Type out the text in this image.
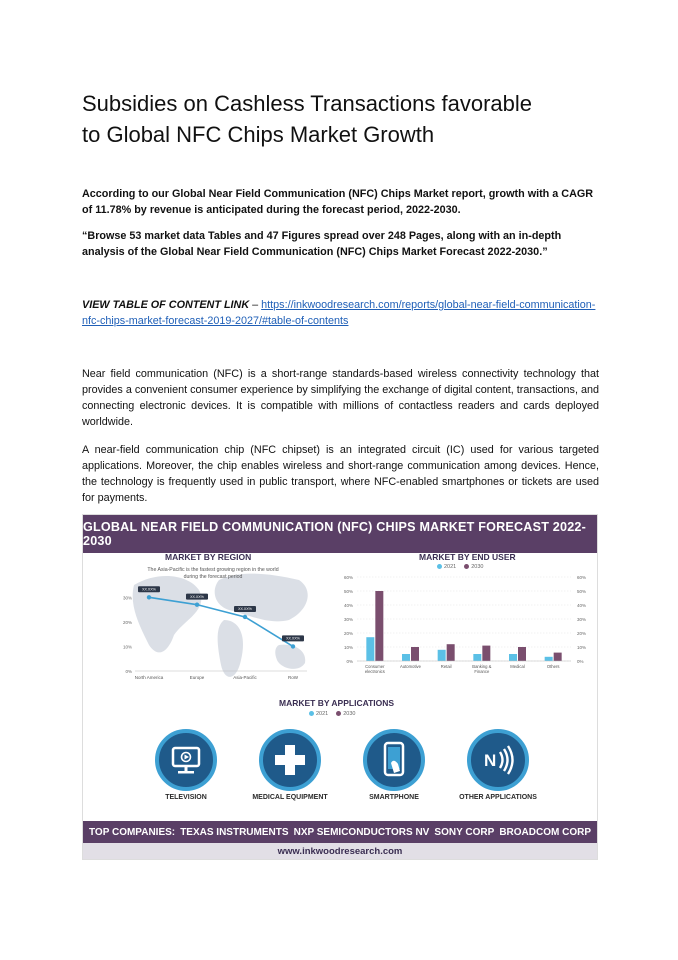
Subsidies on Cashless Transactions favorable
to Global NFC Chips Market Growth
According to our Global Near Field Communication (NFC) Chips Market report, growth with a CAGR of 11.78% by revenue is anticipated during the forecast period, 2022-2030.
“Browse 53 market data Tables and 47 Figures spread over 248 Pages, along with an in-depth analysis of the Global Near Field Communication (NFC) Chips Market Forecast 2022-2030.”
VIEW TABLE OF CONTENT LINK – https://inkwoodresearch.com/reports/global-near-field-communication-nfc-chips-market-forecast-2019-2027/#table-of-contents
Near field communication (NFC) is a short-range standards-based wireless connectivity technology that provides a convenient consumer experience by simplifying the exchange of digital content, transactions, and connecting electronic devices. It is compatible with millions of contactless readers and cards deployed worldwide.
A near-field communication chip (NFC chipset) is an integrated circuit (IC) used for various targeted applications. Moreover, the chip enables wireless and short-range communication among devices. Hence, the technology is frequently used in public transport, where NFC-enabled smartphones or tickets are used for payments.
GLOBAL NEAR FIELD COMMUNICATION (NFC) CHIPS MARKET FORECAST 2022-2030
MARKET BY REGION
The Asia-Pacific is the fastest growing region in the world during the forecast period
0%
10%
20%
30%
XX.XX%
North America
XX.XX%
Europe
XX.XX%
Asia-Pacific
XX.XX%
RoW
MARKET BY END USER
2021	2030
0%	0%
10%	10%
20%	20%
30%	30%
40%	40%
50%	50%
60%	60%
Consumer
electronics
Automotive	Retail	Banking &
Finance
Medical	Others
MARKET BY APPLICATIONS
2021	2030
TELEVISION	MEDICAL EQUIPMENT	SMARTPHONE
N
OTHER APPLICATIONS
TOP COMPANIES: TEXAS INSTRUMENTS NXP SEMICONDUCTORS NV SONY CORP BROADCOM CORP
www.inkwoodresearch.com
